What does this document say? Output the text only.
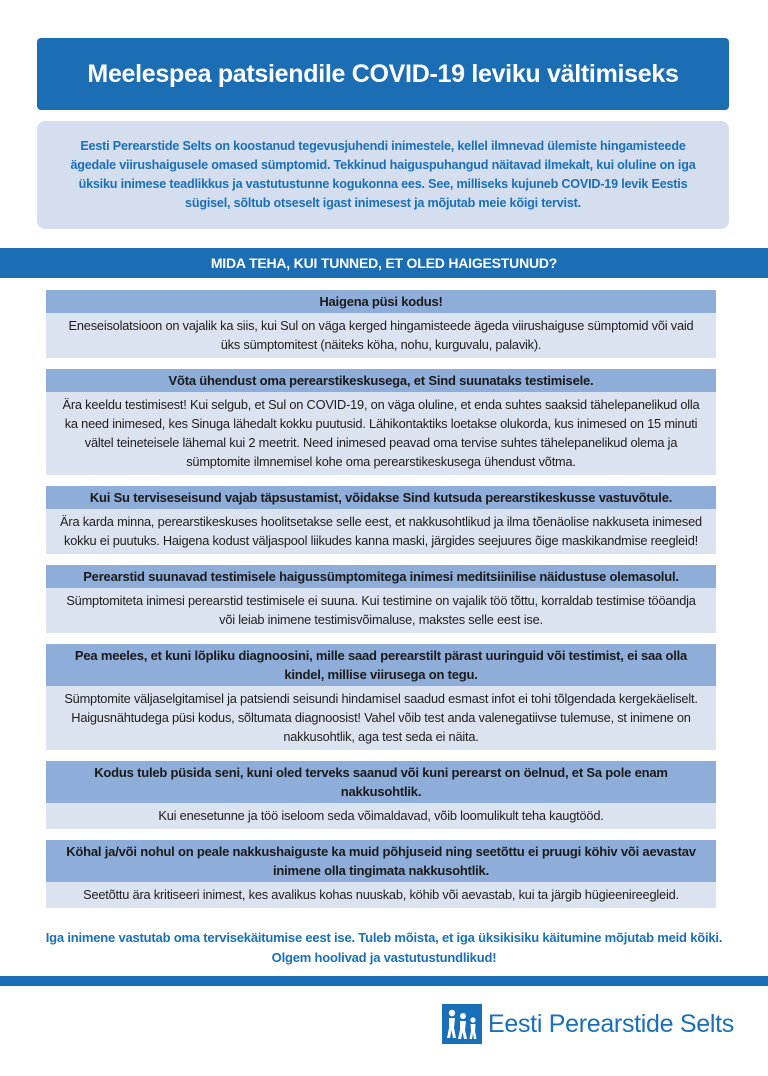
Meelespea patsiendile COVID-19 leviku vältimiseks

Eesti Perearstide Selts on koostanud tegevusjuhendi inimestele, kellel ilmnevad ülemiste hingamisteede ägedale viirushaigusele omased sümptomid. Tekkinud haiguspuhangud näitavad ilmekalt, kui oluline on iga üksiku inimese teadlikkus ja vastutustunne kogukonna ees. See, milliseks kujuneb COVID-19 levik Eestis sügisel, sõltub otseselt igast inimesest ja mõjutab meie kõigi tervist.

MIDA TEHA, KUI TUNNED, ET OLED HAIGESTUNUD?
Haigena püsi kodus!
Eneseisolatsioon on vajalik ka siis, kui Sul on väga kerged hingamisteede ägeda viirushaiguse sümptomid või vaid üks sümptomitest (näiteks köha, nohu, kurguvalu, palavik).
Võta ühendust oma perearstikeskusega, et Sind suunataks testimisele.
Ära keeldu testimisest! Kui selgub, et Sul on COVID-19, on väga oluline, et enda suhtes saaksid tähelepanelikud olla ka need inimesed, kes Sinuga lähedalt kokku puutusid. Lähikontaktiks loetakse olukorda, kus inimesed on 15 minuti vältel teineteisele lähemal kui 2 meetrit. Need inimesed peavad oma tervise suhtes tähelepanelikud olema ja sümptomite ilmnemisel kohe oma perearstikeskusega ühendust võtma.
Kui Su terviseseisund vajab täpsustamist, võidakse Sind kutsuda perearstikeskusse vastuvõtule.
Ära karda minna, perearstikeskuses hoolitsetakse selle eest, et nakkusohtlikud ja ilma tõenäolise nakkuseta inimesed kokku ei puutuks. Haigena kodust väljaspool liikudes kanna maski, järgides seejuures õige maskikandmise reegleid!
Perearstid suunavad testimisele haigussümptomitega inimesi meditsiinilise näidustuse olemasolul.
Sümptomiteta inimesi perearstid testimisele ei suuna. Kui testimine on vajalik töö tõttu, korraldab testimise tööandja või leiab inimene testimisvõimaluse, makstes selle eest ise.
Pea meeles, et kuni lõpliku diagnoosini, mille saad perearstilt pärast uuringuid või testimist, ei saa olla kindel, millise viirusega on tegu.
Sümptomite väljaselgitamisel ja patsiendi seisundi hindamisel saadud esmast infot ei tohi tõlgendada kergekäeliselt. Haigusnähtudega püsi kodus, sõltumata diagnoosist! Vahel võib test anda valenegatiivse tulemuse, st inimene on nakkusohtlik, aga test seda ei näita.
Kodus tuleb püsida seni, kuni oled terveks saanud või kuni perearst on öelnud, et Sa pole enam nakkusohtlik.
Kui enesetunne ja töö iseloom seda võimaldavad, võib loomulikult teha kaugtööd.
Köhal ja/või nohul on peale nakkushaiguste ka muid põhjuseid ning seetõttu ei pruugi köhiv või aevastav inimene olla tingimata nakkusohtlik.
Seetõttu ära kritiseeri inimest, kes avalikus kohas nuuskab, köhib või aevastab, kui ta järgib hügieenireegleid.
Iga inimene vastutab oma tervisekäitumise eest ise. Tuleb mõista, et iga üksikisiku käitumine mõjutab meid kõiki.
Olgem hoolivad ja vastutustundlikud!
Eesti Perearstide Selts
